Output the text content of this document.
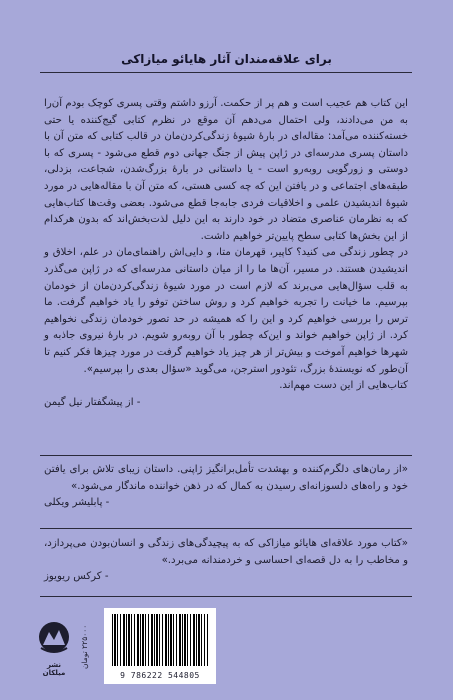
برای علاقه‌مندان آثار هایائو میازاکی

این کتاب هم عجیب است و هم پر از حکمت. آرزو داشتم وقتی پسری کوچک بودم آن‌را به من می‌دادند، ولی احتمال می‌دهم آن موقع در نظرم کتابی گیج‌کننده یا حتی خسته‌کننده می‌آمد: مقاله‌ای در بارهٔ شیوهٔ زندگی‌کردن‌مان در قالب کتابی که متن آن با داستان پسری مدرسه‌ای در ژاپن پیش از جنگ جهانی دوم قطع می‌شود - پسری که با دوستی و زورگویی روبه‌رو است - یا داستانی در بارهٔ بزرگ‌شدن، شجاعت، بزدلی، طبقه‌های اجتماعی و در یافتن این که چه کسی هستی، که متن آن با مقاله‌هایی در مورد شیوهٔ اندیشیدن علمی و اخلاقیات فردی جابه‌جا قطع می‌شود. بعضی وقت‌ها کتاب‌هایی که به نظرمان عناصری متضاد در خود دارند به این دلیل لذت‌بخش‌اند که بدون هرکدام از این بخش‌ها کتابی سطح پایین‌تر خواهیم داشت.

در چطور زندگی می کنید؟ کاپیر، قهرمان متا، و دایی‌اش راهنمای‌مان در علم، اخلاق و اندیشیدن هستند. در مسیر، آن‌ها ما را از میان داستانی مدرسه‌ای که در ژاپن می‌گذرد به قلب سؤال‌هایی می‌برند که لازم است در مورد شیوهٔ زندگی‌کردن‌مان از خودمان بپرسیم. ما خیانت را تجربه خواهیم کرد و روش ساختن توفو را یاد خواهیم گرفت. ما ترس را بررسی خواهیم کرد و این را که همیشه در حد تصور خودمان زندگی نخواهیم کرد. از ژاپن خواهیم خواند و این‌که چطور با آن روبه‌رو شویم. در بارهٔ نیروی جاذبه و شهرها خواهیم آموخت و بیش‌تر از هر چیز یاد خواهیم گرفت در مورد چیزها فکر کنیم تا آن‌طور که نویسندهٔ بزرگ، تئودور استرجن، می‌گوید «سؤال بعدی را بپرسیم».

کتاب‌هایی از این دست مهم‌اند.

- از پیشگفتار نیل گیمن

«از رمان‌های دلگرم‌کننده و بهشدت تأمل‌برانگیز ژاپنی. داستان زیبای تلاش برای یافتن خود و راه‌های دلسوزانه‌ای رسیدن به کمال که در ذهن خواننده ماندگار می‌شود.»

- پابلیشر ویکلی

«کتاب مورد علاقه‌ای هایائو میازاکی که به پیچیدگی‌های زندگی و انسان‌بودن می‌پردازد، و مخاطب را به دل قصه‌ای احساسی و خردمندانه می‌برد.»

- کرکس ریویوز

نشر میلکان
۲۲۵۰۰۰ تومان
9 786222 544805
